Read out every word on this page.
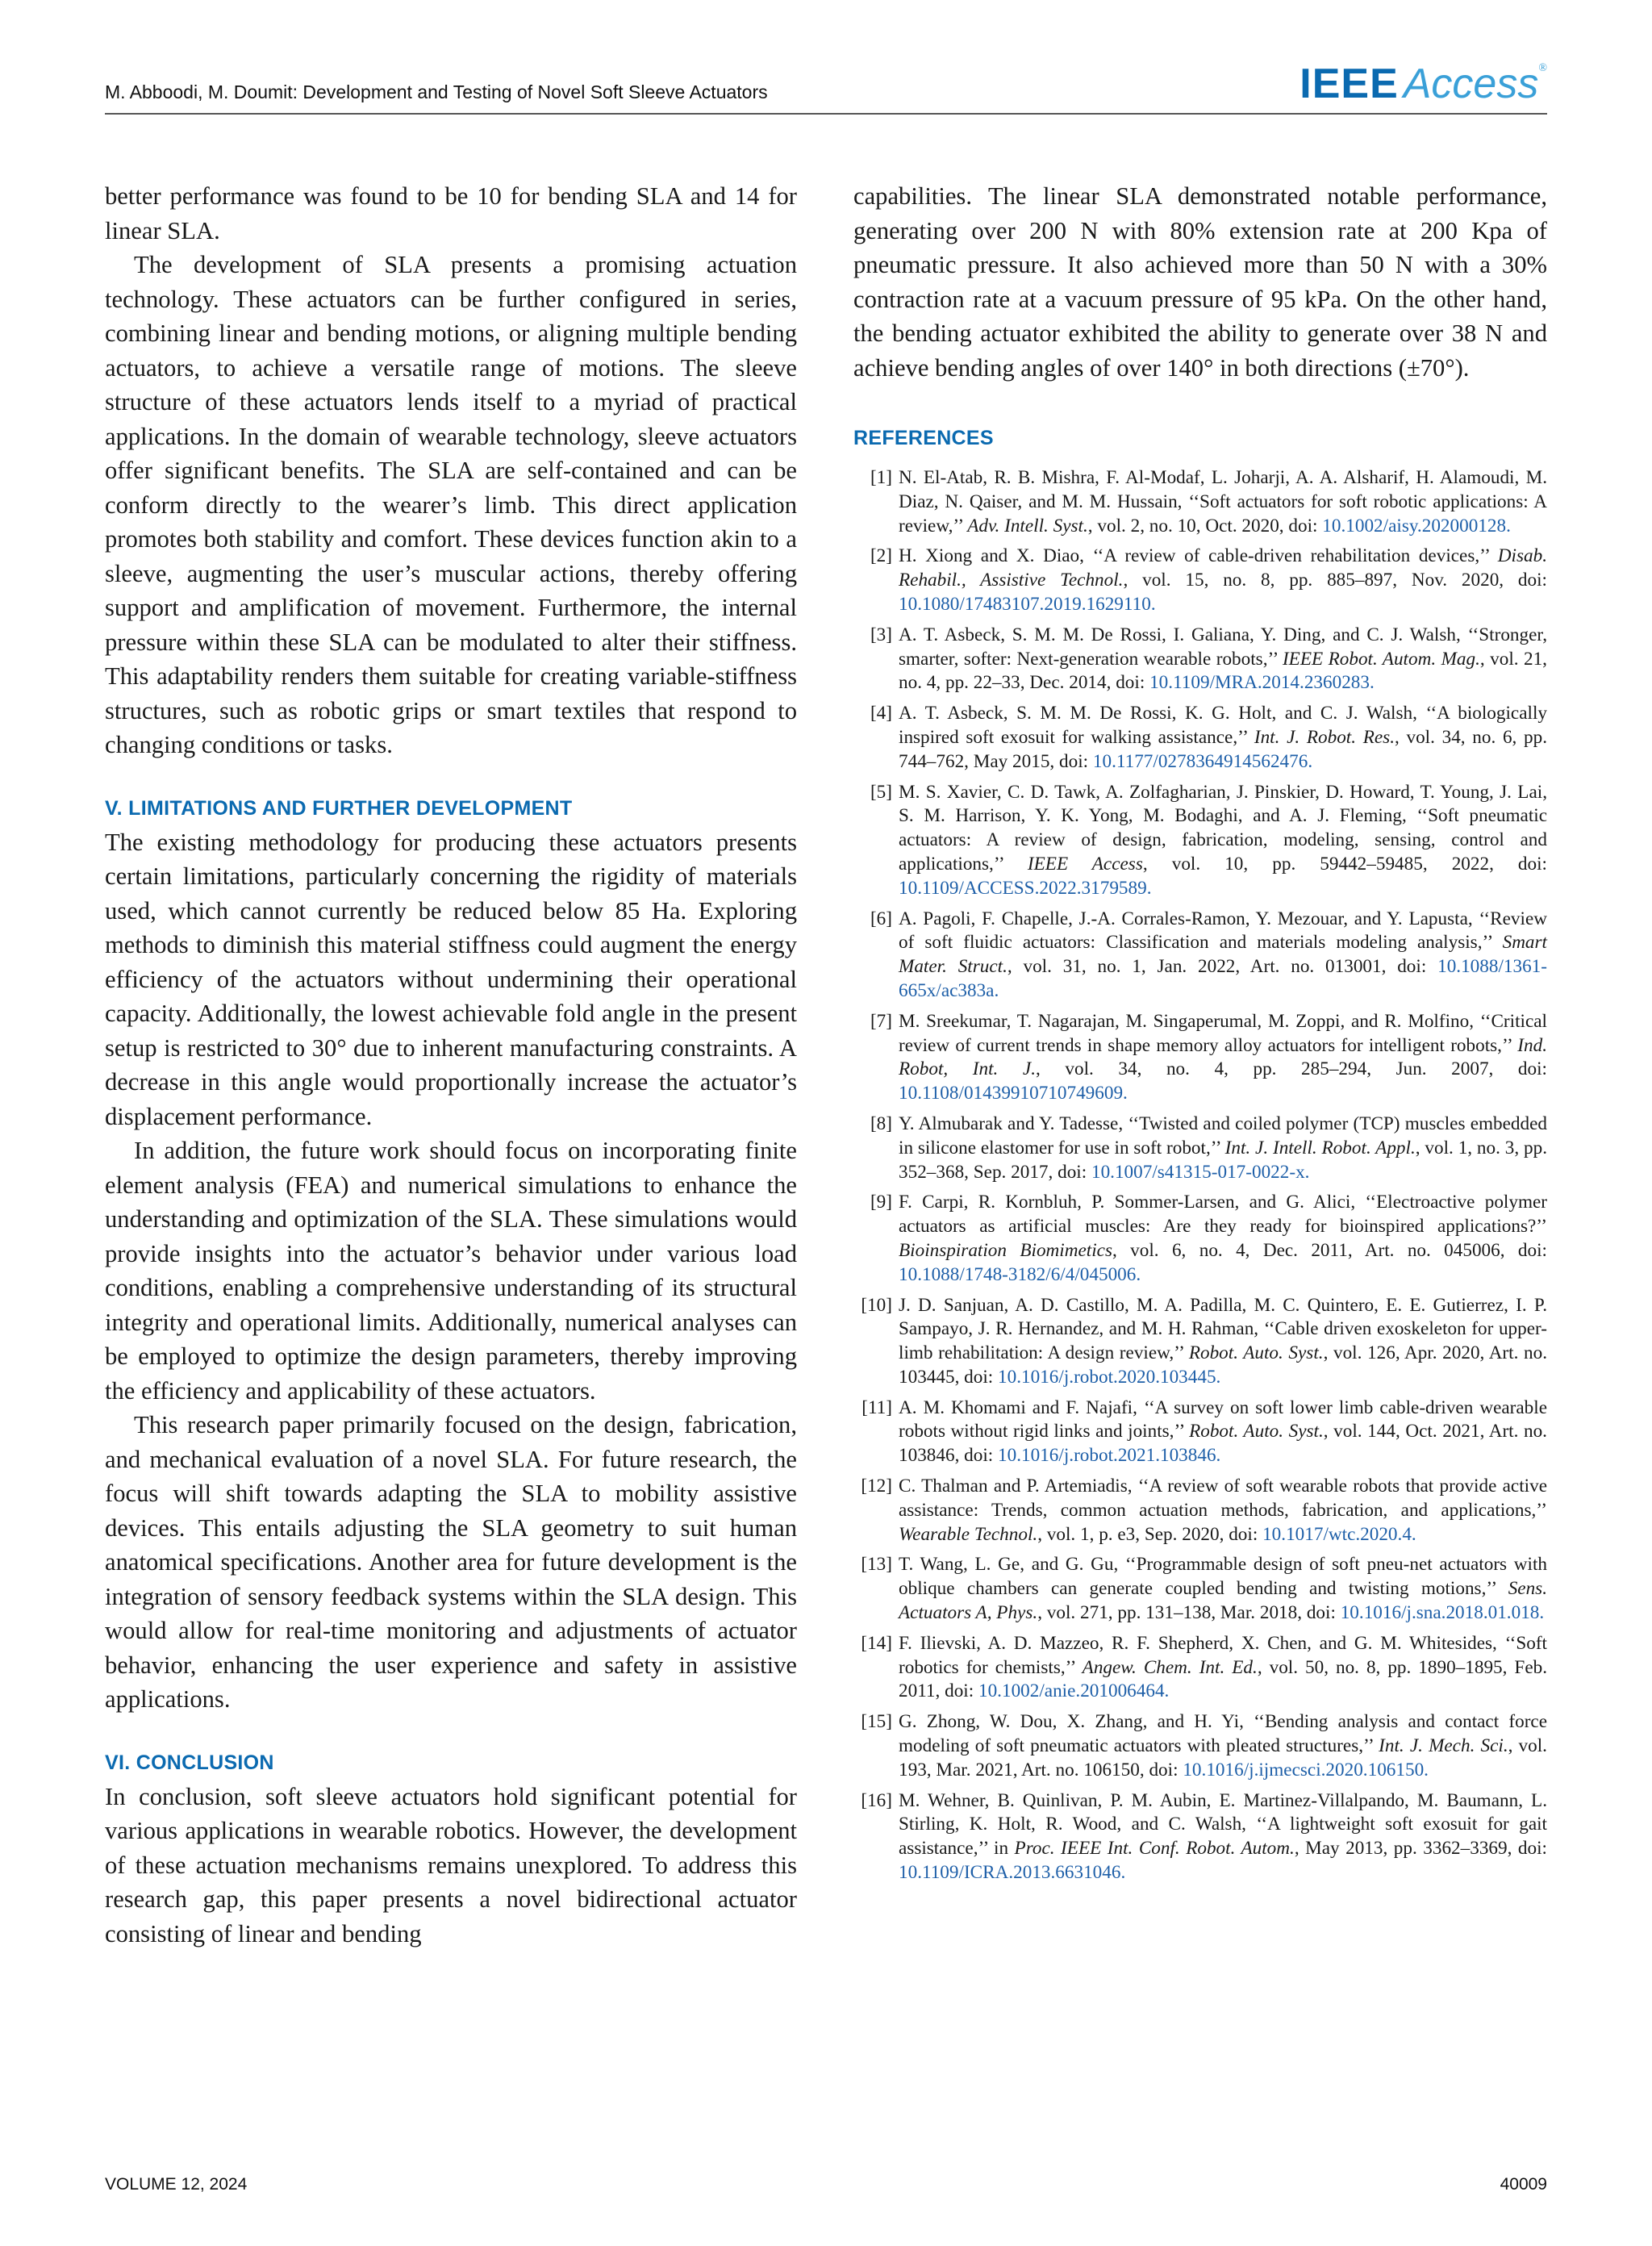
M. Abboodi, M. Doumit: Development and Testing of Novel Soft Sleeve Actuators	IEEE Access®

better performance was found to be 10 for bending SLA and 14 for linear SLA.

The development of SLA presents a promising actuation technology. These actuators can be further configured in series, combining linear and bending motions, or aligning multiple bending actuators, to achieve a versatile range of motions. The sleeve structure of these actuators lends itself to a myriad of practical applications. In the domain of wearable technology, sleeve actuators offer significant benefits. The SLA are self-contained and can be conform directly to the wearer’s limb. This direct application promotes both stability and comfort. These devices function akin to a sleeve, augmenting the user’s muscular actions, thereby offering support and amplification of movement. Furthermore, the internal pressure within these SLA can be modulated to alter their stiffness. This adaptability renders them suitable for creating variable-stiffness structures, such as robotic grips or smart textiles that respond to changing conditions or tasks.

V. LIMITATIONS AND FURTHER DEVELOPMENT

The existing methodology for producing these actuators presents certain limitations, particularly concerning the rigidity of materials used, which cannot currently be reduced below 85 Ha. Exploring methods to diminish this material stiffness could augment the energy efficiency of the actuators without undermining their operational capacity. Additionally, the lowest achievable fold angle in the present setup is restricted to 30° due to inherent manufacturing constraints. A decrease in this angle would proportionally increase the actuator’s displacement performance.

In addition, the future work should focus on incorporating finite element analysis (FEA) and numerical simulations to enhance the understanding and optimization of the SLA. These simulations would provide insights into the actuator’s behavior under various load conditions, enabling a comprehensive understanding of its structural integrity and operational limits. Additionally, numerical analyses can be employed to optimize the design parameters, thereby improving the efficiency and applicability of these actuators.

This research paper primarily focused on the design, fabrication, and mechanical evaluation of a novel SLA. For future research, the focus will shift towards adapting the SLA to mobility assistive devices. This entails adjusting the SLA geometry to suit human anatomical specifications. Another area for future development is the integration of sensory feedback systems within the SLA design. This would allow for real-time monitoring and adjustments of actuator behavior, enhancing the user experience and safety in assistive applications.

VI. CONCLUSION

In conclusion, soft sleeve actuators hold significant potential for various applications in wearable robotics. However, the development of these actuation mechanisms remains unexplored. To address this research gap, this paper presents a novel bidirectional actuator consisting of linear and bending

capabilities. The linear SLA demonstrated notable performance, generating over 200 N with 80% extension rate at 200 Kpa of pneumatic pressure. It also achieved more than 50 N with a 30% contraction rate at a vacuum pressure of 95 kPa. On the other hand, the bending actuator exhibited the ability to generate over 38 N and achieve bending angles of over 140° in both directions (±70°).

REFERENCES
[1] N. El-Atab, R. B. Mishra, F. Al-Modaf, L. Joharji, A. A. Alsharif, H. Alamoudi, M. Diaz, N. Qaiser, and M. M. Hussain, ‘‘Soft actuators for soft robotic applications: A review,’’ Adv. Intell. Syst., vol. 2, no. 10, Oct. 2020, doi: 10.1002/aisy.202000128.
[2] H. Xiong and X. Diao, ‘‘A review of cable-driven rehabilitation devices,’’ Disab. Rehabil., Assistive Technol., vol. 15, no. 8, pp. 885–897, Nov. 2020, doi: 10.1080/17483107.2019.1629110.
[3] A. T. Asbeck, S. M. M. De Rossi, I. Galiana, Y. Ding, and C. J. Walsh, ‘‘Stronger, smarter, softer: Next-generation wearable robots,’’ IEEE Robot. Autom. Mag., vol. 21, no. 4, pp. 22–33, Dec. 2014, doi: 10.1109/MRA.2014.2360283.
[4] A. T. Asbeck, S. M. M. De Rossi, K. G. Holt, and C. J. Walsh, ‘‘A biologically inspired soft exosuit for walking assistance,’’ Int. J. Robot. Res., vol. 34, no. 6, pp. 744–762, May 2015, doi: 10.1177/0278364914562476.
[5] M. S. Xavier, C. D. Tawk, A. Zolfagharian, J. Pinskier, D. Howard, T. Young, J. Lai, S. M. Harrison, Y. K. Yong, M. Bodaghi, and A. J. Fleming, ‘‘Soft pneumatic actuators: A review of design, fabrication, modeling, sensing, control and applications,’’ IEEE Access, vol. 10, pp. 59442–59485, 2022, doi: 10.1109/ACCESS.2022.3179589.
[6] A. Pagoli, F. Chapelle, J.-A. Corrales-Ramon, Y. Mezouar, and Y. Lapusta, ‘‘Review of soft fluidic actuators: Classification and materials modeling analysis,’’ Smart Mater. Struct., vol. 31, no. 1, Jan. 2022, Art. no. 013001, doi: 10.1088/1361-665x/ac383a.
[7] M. Sreekumar, T. Nagarajan, M. Singaperumal, M. Zoppi, and R. Molfino, ‘‘Critical review of current trends in shape memory alloy actuators for intelligent robots,’’ Ind. Robot, Int. J., vol. 34, no. 4, pp. 285–294, Jun. 2007, doi: 10.1108/01439910710749609.
[8] Y. Almubarak and Y. Tadesse, ‘‘Twisted and coiled polymer (TCP) muscles embedded in silicone elastomer for use in soft robot,’’ Int. J. Intell. Robot. Appl., vol. 1, no. 3, pp. 352–368, Sep. 2017, doi: 10.1007/s41315-017-0022-x.
[9] F. Carpi, R. Kornbluh, P. Sommer-Larsen, and G. Alici, ‘‘Electroactive polymer actuators as artificial muscles: Are they ready for bioinspired applications?’’ Bioinspiration Biomimetics, vol. 6, no. 4, Dec. 2011, Art. no. 045006, doi: 10.1088/1748-3182/6/4/045006.
[10] J. D. Sanjuan, A. D. Castillo, M. A. Padilla, M. C. Quintero, E. E. Gutierrez, I. P. Sampayo, J. R. Hernandez, and M. H. Rahman, ‘‘Cable driven exoskeleton for upper-limb rehabilitation: A design review,’’ Robot. Auto. Syst., vol. 126, Apr. 2020, Art. no. 103445, doi: 10.1016/j.robot.2020.103445.
[11] A. M. Khomami and F. Najafi, ‘‘A survey on soft lower limb cable-driven wearable robots without rigid links and joints,’’ Robot. Auto. Syst., vol. 144, Oct. 2021, Art. no. 103846, doi: 10.1016/j.robot.2021.103846.
[12] C. Thalman and P. Artemiadis, ‘‘A review of soft wearable robots that provide active assistance: Trends, common actuation methods, fabrication, and applications,’’ Wearable Technol., vol. 1, p. e3, Sep. 2020, doi: 10.1017/wtc.2020.4.
[13] T. Wang, L. Ge, and G. Gu, ‘‘Programmable design of soft pneu-net actuators with oblique chambers can generate coupled bending and twisting motions,’’ Sens. Actuators A, Phys., vol. 271, pp. 131–138, Mar. 2018, doi: 10.1016/j.sna.2018.01.018.
[14] F. Ilievski, A. D. Mazzeo, R. F. Shepherd, X. Chen, and G. M. Whitesides, ‘‘Soft robotics for chemists,’’ Angew. Chem. Int. Ed., vol. 50, no. 8, pp. 1890–1895, Feb. 2011, doi: 10.1002/anie.201006464.
[15] G. Zhong, W. Dou, X. Zhang, and H. Yi, ‘‘Bending analysis and contact force modeling of soft pneumatic actuators with pleated structures,’’ Int. J. Mech. Sci., vol. 193, Mar. 2021, Art. no. 106150, doi: 10.1016/j.ijmecsci.2020.106150.
[16] M. Wehner, B. Quinlivan, P. M. Aubin, E. Martinez-Villalpando, M. Baumann, L. Stirling, K. Holt, R. Wood, and C. Walsh, ‘‘A lightweight soft exosuit for gait assistance,’’ in Proc. IEEE Int. Conf. Robot. Autom., May 2013, pp. 3362–3369, doi: 10.1109/ICRA.2013.6631046.
VOLUME 12, 2024	40009
